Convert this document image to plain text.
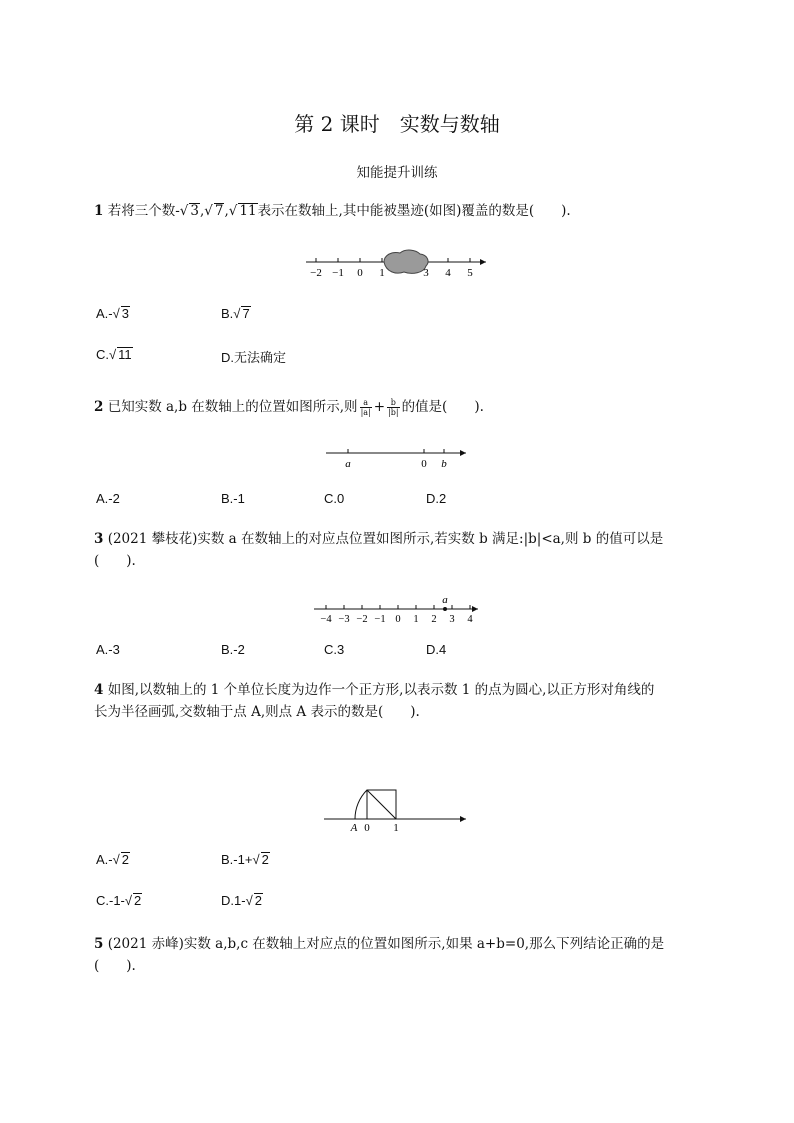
第 2 课时　实数与数轴
知能提升训练
1 若将三个数-√ 3,√ 7,√ 11表示在数轴上,其中能被墨迹(如图)覆盖的数是(　　).
−2 −1 0 1	3 4 5
A.-√ 3	B.√ 7
C.√ 11	D.无法确定
2 已知实数 a,b 在数轴上的位置如图所示,则 $\frac{a}{|a|} + \frac{b}{|b|}$ 的值是(　　).
a	0 b
A.-2	B.-1	C.0	D.2
3 (2021 攀枝花)实数 a 在数轴上的对应点位置如图所示,若实数 b 满足:|b|<a,则 b 的值可以是
(　　).
a
−4 −3 −2 −1 0 1 2 3 4
A.-3	B.-2	C.3	D.4
4 如图,以数轴上的 1 个单位长度为边作一个正方形,以表示数 1 的点为圆心,以正方形对角线的
长为半径画弧,交数轴于点 A,则点 A 表示的数是(　　).
A 0 1
A.-√ 2	B.-1+√ 2
C.-1-√ 2	D.1-√ 2
5 (2021 赤峰)实数 a,b,c 在数轴上对应点的位置如图所示,如果 a+b=0,那么下列结论正确的是
(　　).
